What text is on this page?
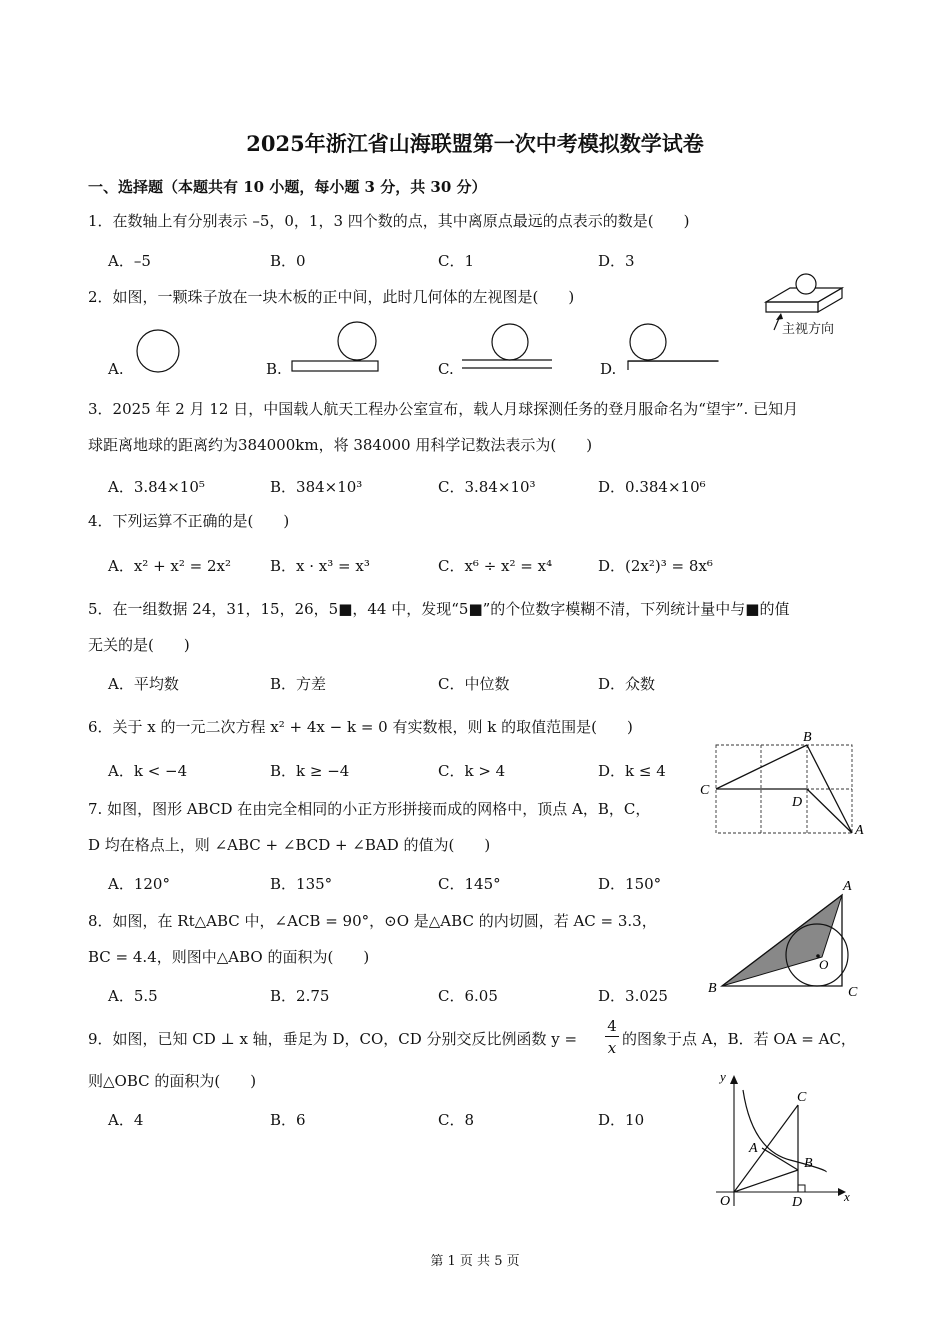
2025年浙江省山海联盟第一次中考模拟数学试卷
一、选择题（本题共有 10 小题，每小题 3 分，共 30 分）
1．在数轴上有分别表示 –5，0，1，3 四个数的点，其中离原点最远的点表示的数是(　　)
A．–5	B．0	C．1	D．3
2．如图，一颗珠子放在一块木板的正中间，此时几何体的左视图是(　　)
A.	B.	C.	D.
主视方向
3．2025 年 2 月 12 日，中国载人航天工程办公室宣布，载人月球探测任务的登月服命名为“望宇”. 已知月
球距离地球的距离约为384000km，将 384000 用科学记数法表示为(　　)
A．3.84×10⁵	B．384×10³	C．3.84×10³	D．0.384×10⁶
4．下列运算不正确的是(　　)
A．x² + x² = 2x²	B．x · x³ = x³	C．x⁶ ÷ x² = x⁴	D．(2x²)³ = 8x⁶
5．在一组数据 24，31，15，26，5■，44 中，发现“5■”的个位数字模糊不清，下列统计量中与■的值
无关的是(　　)
A．平均数	B．方差	C．中位数	D．众数
6．关于 x 的一元二次方程 x² + 4x − k = 0 有实数根，则 k 的取值范围是(　　)
A．k < −4	B．k ≥ −4	C．k > 4	D．k ≤ 4
7. 如图，图形 ABCD 在由完全相同的小正方形拼接而成的网格中，顶点 A，B，C，
D 均在格点上，则 ∠ABC + ∠BCD + ∠BAD 的值为(　　)
A．120°	B．135°	C．145°	D．150°
B
C
D
A
8．如图，在 Rt△ABC 中，∠ACB = 90°，⊙O 是△ABC 的内切圆，若 AC = 3.3，
BC = 4.4，则图中△ABO 的面积为(　　)
A．5.5	B．2.75	C．6.05	D．3.025
A
O
B	C
9．如图，已知 CD ⊥ x 轴，垂足为 D，CO，CD 分别交反比例函数 y =
4
x 的图象于点 A，B．若 OA = AC，
则△OBC 的面积为(　　)
A．4	B．6	C．8	D．10
y
C
A
B
O	D	x
第 1 页 共 5 页
